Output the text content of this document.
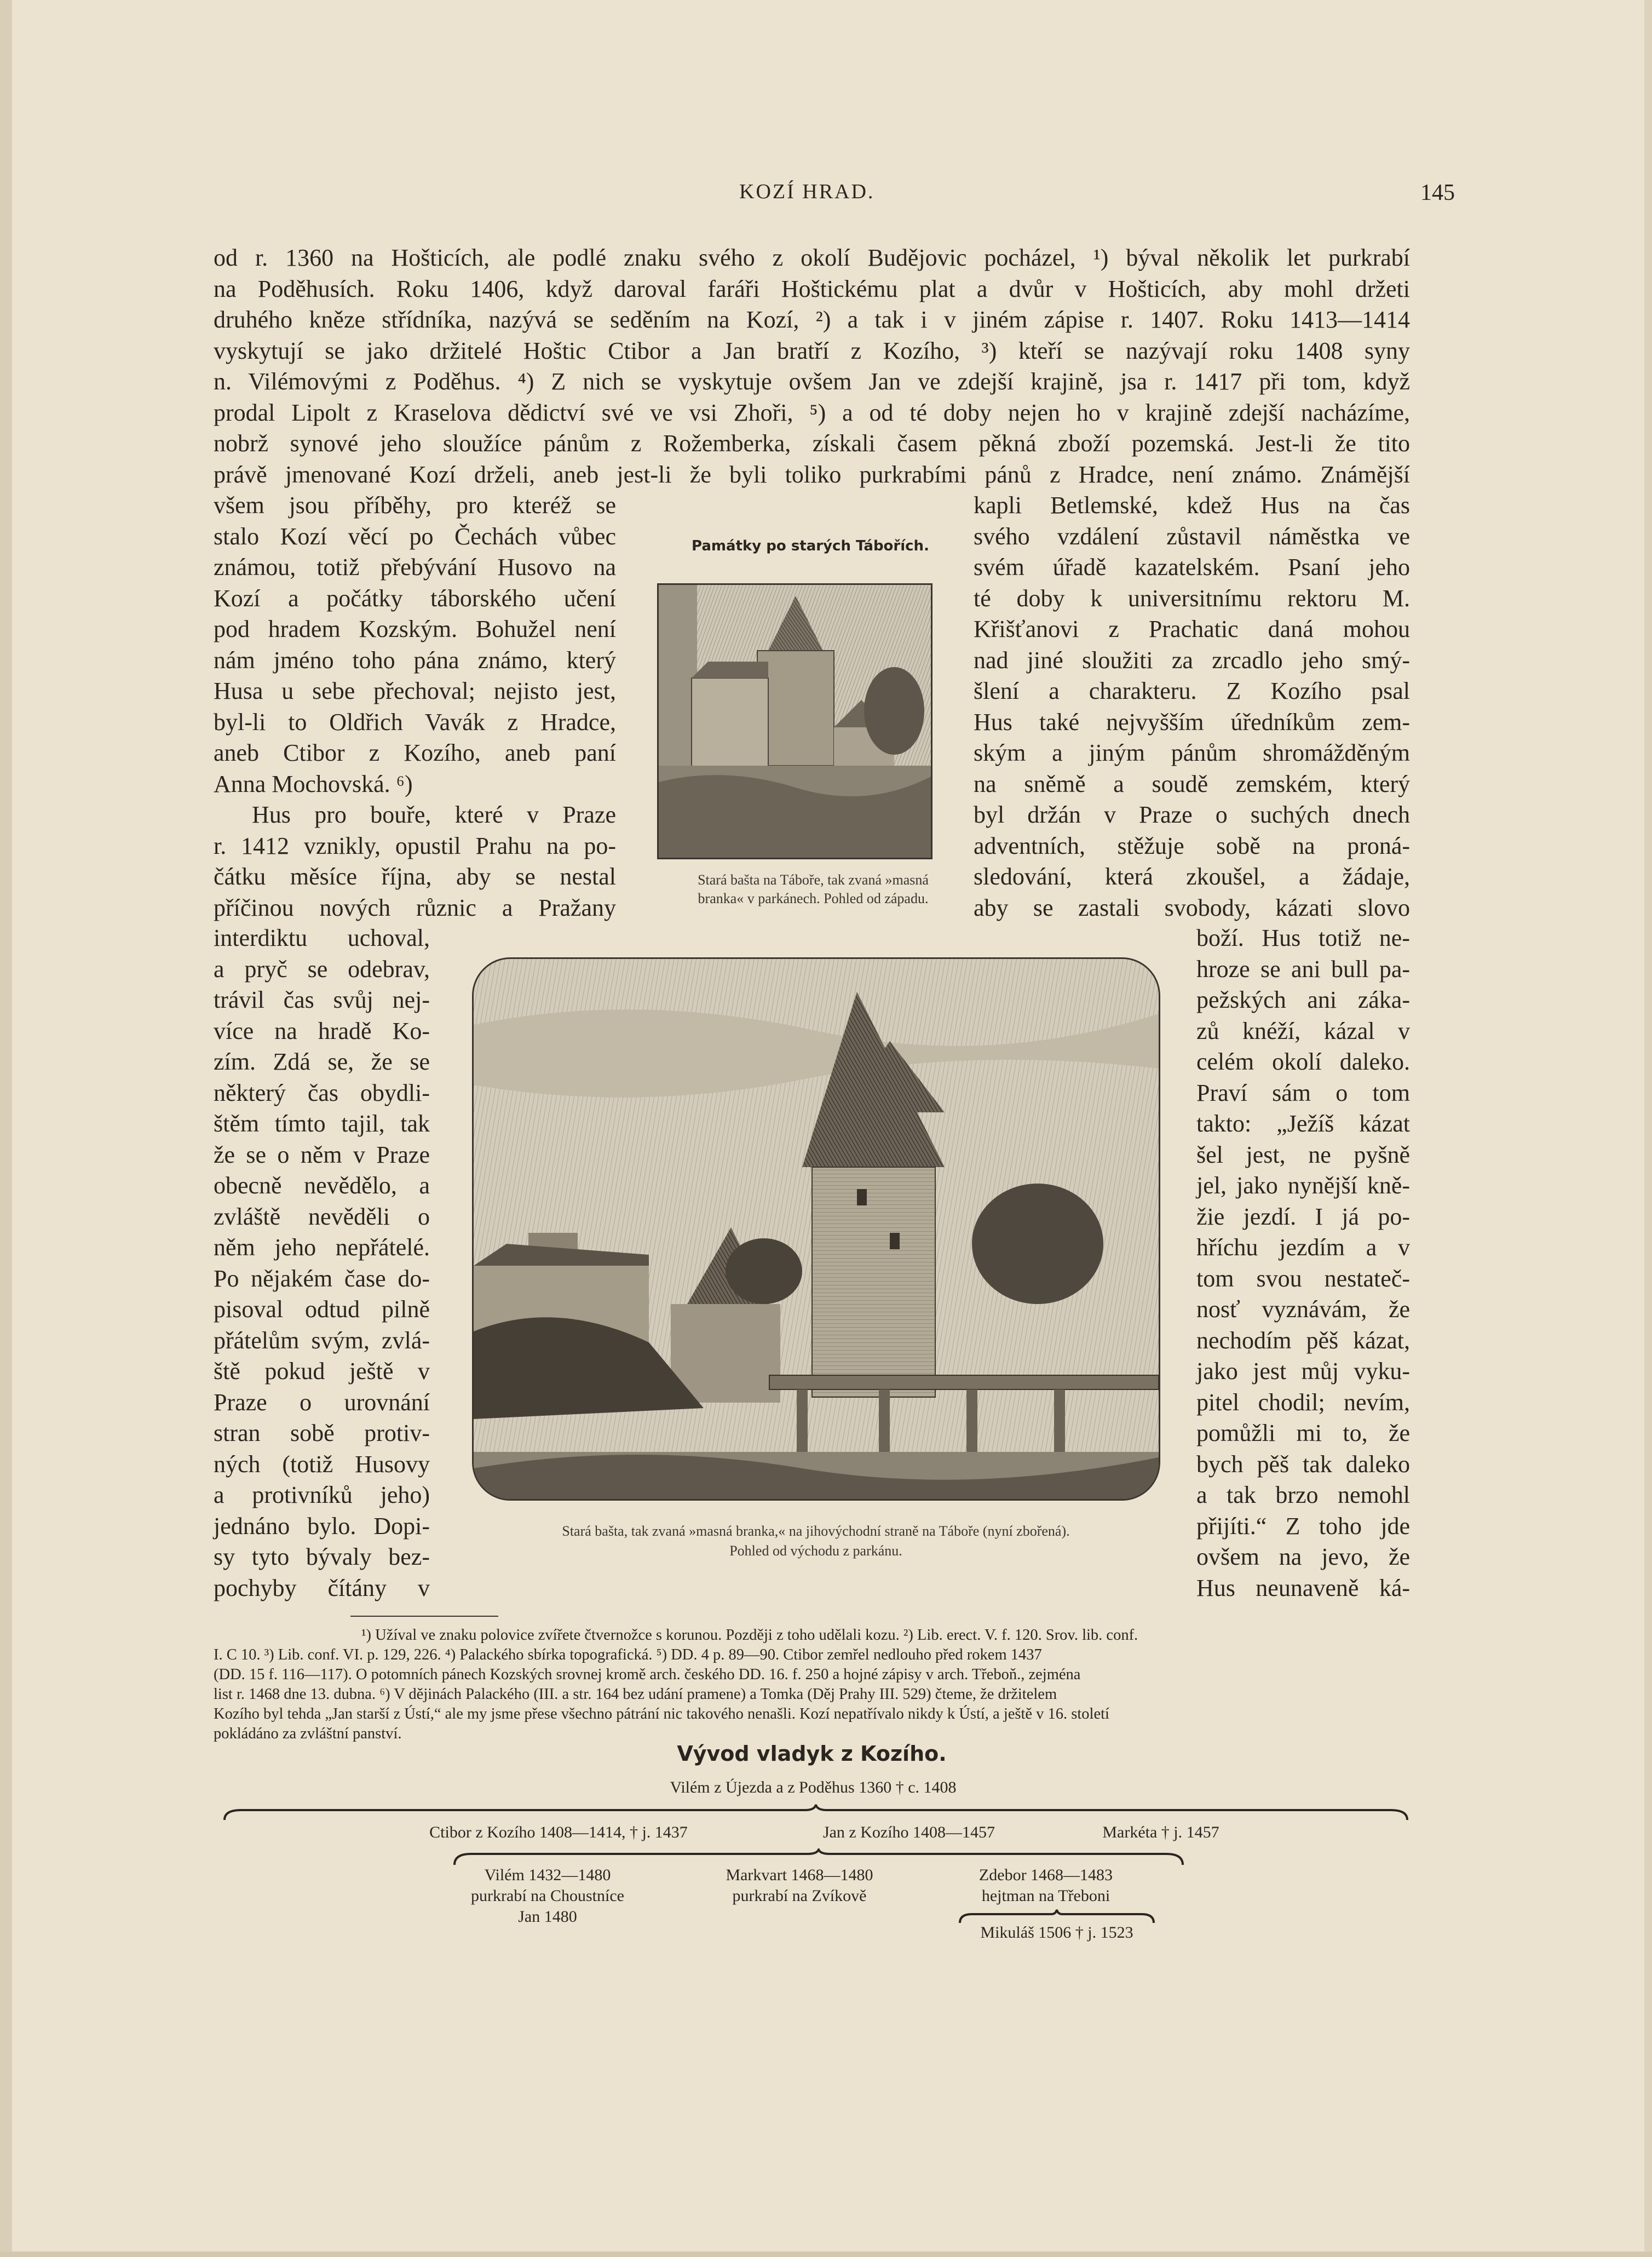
KOZÍ HRAD.	145

od r. 1360 na Hošticích, ale podlé znaku svého z okolí Budějovic pocházel, ¹) býval několik let purkrabí

na Poděhusích. Roku 1406, když daroval faráři Hoštickému plat a dvůr v Hošticích, aby mohl držeti

druhého kněze střídníka, nazývá se seděním na Kozí, ²) a tak i v jiném zápise r. 1407. Roku 1413—1414

vyskytují se jako držitelé Hoštic Ctibor a Jan bratří z Kozího, ³) kteří se nazývají roku 1408 syny

n. Vilémovými z Poděhus. ⁴) Z nich se vyskytuje ovšem Jan ve zdejší krajině, jsa r. 1417 při tom, když

prodal Lipolt z Kraselova dědictví své ve vsi Zhoři, ⁵) a od té doby nejen ho v krajině zdejší nacházíme,

nobrž synové jeho sloužíce pánům z Rožemberka, získali časem pěkná zboží pozemská. Jest-li že tito

právě jmenované Kozí drželi, aneb jest-li že byli toliko purkrabími pánů z Hradce, není známo. Známější

všem jsou příběhy, pro kteréž se

stalo Kozí věcí po Čechách vůbec

známou, totiž přebývání Husovo na

Kozí a počátky táborského učení

pod hradem Kozským. Bohužel není

nám jméno toho pána známo, který

Husa u sebe přechoval; nejisto jest,

byl-li to Oldřich Vavák z Hradce,

aneb Ctibor z Kozího, aneb paní

Anna Mochovská. ⁶)

Hus pro bouře, které v Praze

r. 1412 vznikly, opustil Prahu na po-

čátku měsíce října, aby se nestal

příčinou nových různic a Pražany

interdiktu uchoval,

a pryč se odebrav,

trávil čas svůj nej-

více na hradě Ko-

zím. Zdá se, že se

některý čas obydli-

štěm tímto tajil, tak

že se o něm v Praze

obecně nevědělo, a

zvláště nevěděli o

něm jeho nepřátelé.

Po nějakém čase do-

pisoval odtud pilně

přátelům svým, zvlá-

ště pokud ještě v

Praze o urovnání

stran sobě protiv-

ných (totiž Husovy

a protivníků jeho)

jednáno bylo. Dopi-

sy tyto bývaly bez-

pochyby čítány v

kapli Betlemské, kdež Hus na čas

svého vzdálení zůstavil náměstka ve

svém úřadě kazatelském. Psaní jeho

té doby k universitnímu rektoru M.

Křišťanovi z Prachatic daná mohou

nad jiné sloužiti za zrcadlo jeho smý-

šlení a charakteru. Z Kozího psal

Hus také nejvyšším úředníkům zem-

ským a jiným pánům shromážděným

na sněmě a soudě zemském, který

byl držán v Praze o suchých dnech

adventních, stěžuje sobě na proná-

sledování, která zkoušel, a žádaje,

aby se zastali svobody, kázati slovo

boží. Hus totiž ne-

hroze se ani bull pa-

pežských ani záka-

zů knéží, kázal v

celém okolí daleko.

Praví sám o tom

takto: „Ježíš kázat

šel jest, ne pyšně

jel, jako nynější kně-

žie jezdí. I já po-

hříchu jezdím a v

tom svou nestateč-

nosť vyznávám, že

nechodím pěš kázat,

jako jest můj vyku-

pitel chodil; nevím,

pomůžli mi to, že

bych pěš tak daleko

a tak brzo nemohl

přijíti.“ Z toho jde

ovšem na jevo, že

Hus neunaveně ká-

Památky po starých Tábořích.
Stará bašta na Táboře, tak zvaná »masná
branka« v parkánech. Pohled od západu.
Stará bašta, tak zvaná »masná branka,« na jihovýchodní straně na Táboře (nyní zbořená).
Pohled od východu z parkánu.

¹) Užíval ve znaku polovice zvířete čtvernožce s korunou. Později z toho udělali kozu. ²) Lib. erect. V. f. 120. Srov. lib. conf.

I. C 10. ³) Lib. conf. VI. p. 129, 226. ⁴) Palackého sbírka topografická. ⁵) DD. 4 p. 89—90. Ctibor zemřel nedlouho před rokem 1437

(DD. 15 f. 116—117). O potomních pánech Kozských srovnej kromě arch. českého DD. 16. f. 250 a hojné zápisy v arch. Třeboň., zejména

list r. 1468 dne 13. dubna. ⁶) V dějinách Palackého (III. a str. 164 bez udání pramene) a Tomka (Děj Prahy III. 529) čteme, že držitelem

Kozího byl tehda „Jan starší z Ústí,“ ale my jsme přese všechno pátrání nic takového nenašli. Kozí nepatřívalo nikdy k Ústí, a ještě v 16. století

pokládáno za zvláštní panství.

Vývod vladyk z Kozího.
Vilém z Újezda a z Poděhus 1360 † c. 1408
Ctibor z Kozího 1408—1414, † j. 1437	Jan z Kozího 1408—1457	Markéta † j. 1457
Vilém 1432—1480
purkrabí na Choustníce
Jan 1480
Markvart 1468—1480
purkrabí na Zvíkově
Zdebor 1468—1483
hejtman na Třeboni
Mikuláš 1506 † j. 1523
